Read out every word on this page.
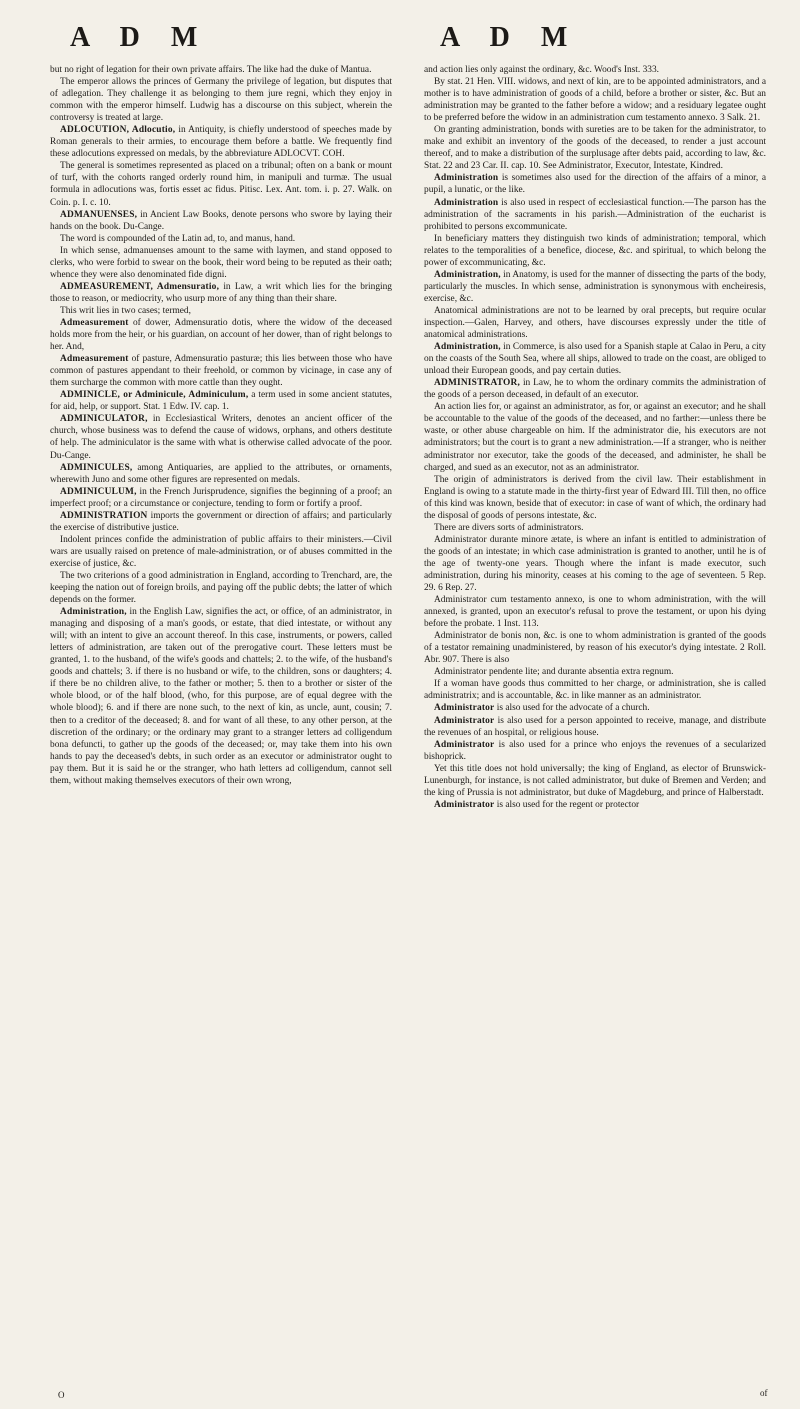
A D M	A D M

but no right of legation for their own private affairs. The like had the duke of Mantua.

The emperor allows the princes of Germany the privilege of legation, but disputes that of adlegation. They challenge it as belonging to them jure regni, which they enjoy in common with the emperor himself. Ludwig has a discourse on this subject, wherein the controversy is treated at large.

ADLOCUTION, Adlocutio, in Antiquity, is chiefly understood of speeches made by Roman generals to their armies, to encourage them before a battle. We frequently find these adlocutions expressed on medals, by the abbreviature ADLOCVT. COH.

The general is sometimes represented as placed on a tribunal; often on a bank or mount of turf, with the cohorts ranged orderly round him, in manipuli and turmæ. The usual formula in adlocutions was, fortis esset ac fidus. Pitisc. Lex. Ant. tom. i. p. 27. Walk. on Coin. p. I. c. 10.

ADMANUENSES, in Ancient Law Books, denote persons who swore by laying their hands on the book. Du-Cange.

The word is compounded of the Latin ad, to, and manus, hand.

In which sense, admanuenses amount to the same with laymen, and stand opposed to clerks, who were forbid to swear on the book, their word being to be reputed as their oath; whence they were also denominated fide digni.

ADMEASUREMENT, Admensuratio, in Law, a writ which lies for the bringing those to reason, or mediocrity, who usurp more of any thing than their share.

This writ lies in two cases; termed,

Admeasurement of dower, Admensuratio dotis, where the widow of the deceased holds more from the heir, or his guardian, on account of her dower, than of right belongs to her. And,

Admeasurement of pasture, Admensuratio pasturæ; this lies between those who have common of pastures appendant to their freehold, or common by vicinage, in case any of them surcharge the common with more cattle than they ought.

ADMINICLE, or Adminicule, Adminiculum, a term used in some ancient statutes, for aid, help, or support. Stat. 1 Edw. IV. cap. 1.

ADMINICULATOR, in Ecclesiastical Writers, denotes an ancient officer of the church, whose business was to defend the cause of widows, orphans, and others destitute of help. The adminiculator is the same with what is otherwise called advocate of the poor. Du-Cange.

ADMINICULES, among Antiquaries, are applied to the attributes, or ornaments, wherewith Juno and some other figures are represented on medals.

ADMINICULUM, in the French Jurisprudence, signifies the beginning of a proof; an imperfect proof; or a circumstance or conjecture, tending to form or fortify a proof.

ADMINISTRATION imports the government or direction of affairs; and particularly the exercise of distributive justice.

Indolent princes confide the administration of public affairs to their ministers.—Civil wars are usually raised on pretence of male-administration, or of abuses committed in the exercise of justice, &c.

The two criterions of a good administration in England, according to Trenchard, are, the keeping the nation out of foreign broils, and paying off the public debts; the latter of which depends on the former.

Administration, in the English Law, signifies the act, or office, of an administrator, in managing and disposing of a man's goods, or estate, that died intestate, or without any will; with an intent to give an account thereof. In this case, instruments, or powers, called letters of administration, are taken out of the prerogative court. These letters must be granted, 1. to the husband, of the wife's goods and chattels; 2. to the wife, of the husband's goods and chattels; 3. if there is no husband or wife, to the children, sons or daughters; 4. if there be no children alive, to the father or mother; 5. then to a brother or sister of the whole blood, or of the half blood, (who, for this purpose, are of equal degree with the whole blood); 6. and if there are none such, to the next of kin, as uncle, aunt, cousin; 7. then to a creditor of the deceased; 8. and for want of all these, to any other person, at the discretion of the ordinary; or the ordinary may grant to a stranger letters ad colligendum bona defuncti, to gather up the goods of the deceased; or, may take them into his own hands to pay the deceased's debts, in such order as an executor or administrator ought to pay them. But it is said he or the stranger, who hath letters ad colligendum, cannot sell them, without making themselves executors of their own wrong,

and action lies only against the ordinary, &c. Wood's Inst. 333.

By stat. 21 Hen. VIII. widows, and next of kin, are to be appointed administrators, and a mother is to have administration of goods of a child, before a brother or sister, &c. But an administration may be granted to the father before a widow; and a residuary legatee ought to be preferred before the widow in an administration cum testamento annexo. 3 Salk. 21.

On granting administration, bonds with sureties are to be taken for the administrator, to make and exhibit an inventory of the goods of the deceased, to render a just account thereof, and to make a distribution of the surplusage after debts paid, according to law, &c. Stat. 22 and 23 Car. II. cap. 10. See Administrator, Executor, Intestate, Kindred.

Administration is sometimes also used for the direction of the affairs of a minor, a pupil, a lunatic, or the like.

Administration is also used in respect of ecclesiastical function.—The parson has the administration of the sacraments in his parish.—Administration of the eucharist is prohibited to persons excommunicate.

In beneficiary matters they distinguish two kinds of administration; temporal, which relates to the temporalities of a benefice, diocese, &c. and spiritual, to which belong the power of excommunicating, &c.

Administration, in Anatomy, is used for the manner of dissecting the parts of the body, particularly the muscles. In which sense, administration is synonymous with encheiresis, exercise, &c.

Anatomical administrations are not to be learned by oral precepts, but require ocular inspection.—Galen, Harvey, and others, have discourses expressly under the title of anatomical administrations.

Administration, in Commerce, is also used for a Spanish staple at Calao in Peru, a city on the coasts of the South Sea, where all ships, allowed to trade on the coast, are obliged to unload their European goods, and pay certain duties.

ADMINISTRATOR, in Law, he to whom the ordinary commits the administration of the goods of a person deceased, in default of an executor.

An action lies for, or against an administrator, as for, or against an executor; and he shall be accountable to the value of the goods of the deceased, and no farther:—unless there be waste, or other abuse chargeable on him. If the administrator die, his executors are not administrators; but the court is to grant a new administration.—If a stranger, who is neither administrator nor executor, take the goods of the deceased, and administer, he shall be charged, and sued as an executor, not as an administrator.

The origin of administrators is derived from the civil law. Their establishment in England is owing to a statute made in the thirty-first year of Edward III. Till then, no office of this kind was known, beside that of executor: in case of want of which, the ordinary had the disposal of goods of persons intestate, &c.

There are divers sorts of administrators.

Administrator durante minore ætate, is where an infant is entitled to administration of the goods of an intestate; in which case administration is granted to another, until he is of the age of twenty-one years. Though where the infant is made executor, such administration, during his minority, ceases at his coming to the age of seventeen. 5 Rep. 29. 6 Rep. 27.

Administrator cum testamento annexo, is one to whom administration, with the will annexed, is granted, upon an executor's refusal to prove the testament, or upon his dying before the probate. 1 Inst. 113.

Administrator de bonis non, &c. is one to whom administration is granted of the goods of a testator remaining unadministered, by reason of his executor's dying intestate. 2 Roll. Abr. 907. There is also

Administrator pendente lite; and durante absentia extra regnum.

If a woman have goods thus committed to her charge, or administration, she is called administratrix; and is accountable, &c. in like manner as an administrator.

Administrator is also used for the advocate of a church.

Administrator is also used for a person appointed to receive, manage, and distribute the revenues of an hospital, or religious house.

Administrator is also used for a prince who enjoys the revenues of a secularized bishoprick.

Yet this title does not hold universally; the king of England, as elector of Brunswick-Lunenburgh, for instance, is not called administrator, but duke of Bremen and Verden; and the king of Prussia is not administrator, but duke of Magdeburg, and prince of Halberstadt.

Administrator is also used for the regent or protector

O	of
